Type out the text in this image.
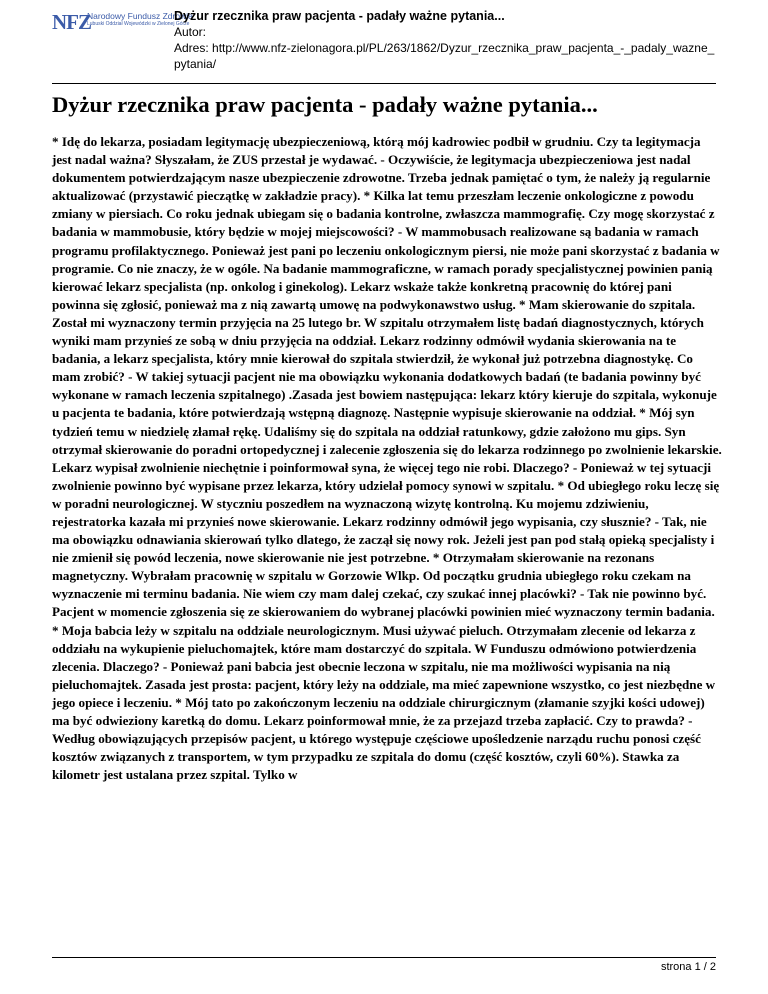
NFZ
Narodowy Fundusz Zdrowia
Lubuski Oddział Wojewódzki w Zielonej Górze
Dyżur rzecznika praw pacjenta - padały ważne pytania...
Autor:
Adres: http://www.nfz-zielonagora.pl/PL/263/1862/Dyzur_rzecznika_praw_pacjenta_-_padaly_wazne_pytania/
Dyżur rzecznika praw pacjenta - padały ważne pytania...

* Idę do lekarza, posiadam legitymację ubezpieczeniową, którą mój kadrowiec podbił w grudniu. Czy ta legitymacja jest nadal ważna? Słyszałam, że ZUS przestał je wydawać. - Oczywiście, że legitymacja ubezpieczeniowa jest nadal dokumentem potwierdzającym nasze ubezpieczenie zdrowotne. Trzeba jednak pamiętać o tym, że należy ją regularnie aktualizować (przystawić pieczątkę w zakładzie pracy). * Kilka lat temu przeszłam leczenie onkologiczne z powodu zmiany w piersiach. Co roku jednak ubiegam się o badania kontrolne, zwłaszcza mammografię. Czy mogę skorzystać z badania w mammobusie, który będzie w mojej miejscowości? - W mammobusach realizowane są badania w ramach programu profilaktycznego. Ponieważ jest pani po leczeniu onkologicznym piersi, nie może pani skorzystać z badania w programie. Co nie znaczy, że w ogóle. Na badanie mammograficzne, w ramach porady specjalistycznej powinien panią kierować lekarz specjalista (np. onkolog i ginekolog). Lekarz wskaże także konkretną pracownię do której pani powinna się zgłosić, ponieważ ma z nią zawartą umowę na podwykonawstwo usług. * Mam skierowanie do szpitala. Został mi wyznaczony termin przyjęcia na 25 lutego br. W szpitalu otrzymałem listę badań diagnostycznych, których wyniki mam przynieś ze sobą w dniu przyjęcia na oddział. Lekarz rodzinny odmówił wydania skierowania na te badania, a lekarz specjalista, który mnie kierował do szpitala stwierdził, że wykonał już potrzebna diagnostykę. Co mam zrobić? - W takiej sytuacji pacjent nie ma obowiązku wykonania dodatkowych badań (te badania powinny być wykonane w ramach leczenia szpitalnego) .Zasada jest bowiem następująca: lekarz który kieruje do szpitala, wykonuje u pacjenta te badania, które potwierdzają wstępną diagnozę. Następnie wypisuje skierowanie na oddział. * Mój syn tydzień temu w niedzielę złamał rękę. Udaliśmy się do szpitala na oddział ratunkowy, gdzie założono mu gips. Syn otrzymał skierowanie do poradni ortopedycznej i zalecenie zgłoszenia się do lekarza rodzinnego po zwolnienie lekarskie. Lekarz wypisał zwolnienie niechętnie i poinformował syna, że więcej tego nie robi. Dlaczego? - Ponieważ w tej sytuacji zwolnienie powinno być wypisane przez lekarza, który udzielał pomocy synowi w szpitalu. * Od ubiegłego roku leczę się w poradni neurologicznej. W styczniu poszedłem na wyznaczoną wizytę kontrolną. Ku mojemu zdziwieniu, rejestratorka kazała mi przynieś nowe skierowanie. Lekarz rodzinny odmówił jego wypisania, czy słusznie? - Tak, nie ma obowiązku odnawiania skierowań tylko dlatego, że zaczął się nowy rok. Jeżeli jest pan pod stałą opieką specjalisty i nie zmienił się powód leczenia, nowe skierowanie nie jest potrzebne. * Otrzymałam skierowanie na rezonans magnetyczny. Wybrałam pracownię w szpitalu w Gorzowie Wlkp. Od początku grudnia ubiegłego roku czekam na wyznaczenie mi terminu badania. Nie wiem czy mam dalej czekać, czy szukać innej placówki? - Tak nie powinno być. Pacjent w momencie zgłoszenia się ze skierowaniem do wybranej placówki powinien mieć wyznaczony termin badania. * Moja babcia leży w szpitalu na oddziale neurologicznym. Musi używać pieluch. Otrzymałam zlecenie od lekarza z oddziału na wykupienie pieluchomajtek, które mam dostarczyć do szpitala. W Funduszu odmówiono potwierdzenia zlecenia. Dlaczego? - Ponieważ pani babcia jest obecnie leczona w szpitalu, nie ma możliwości wypisania na nią pieluchomajtek. Zasada jest prosta: pacjent, który leży na oddziale, ma mieć zapewnione wszystko, co jest niezbędne w jego opiece i leczeniu. * Mój tato po zakończonym leczeniu na oddziale chirurgicznym (złamanie szyjki kości udowej) ma być odwieziony karetką do domu. Lekarz poinformował mnie, że za przejazd trzeba zapłacić. Czy to prawda? - Według obowiązujących przepisów pacjent, u którego występuje częściowe upośledzenie narządu ruchu ponosi część kosztów związanych z transportem, w tym przypadku ze szpitala do domu (część kosztów, czyli 60%). Stawka za kilometr jest ustalana przez szpital. Tylko w

strona 1 / 2
